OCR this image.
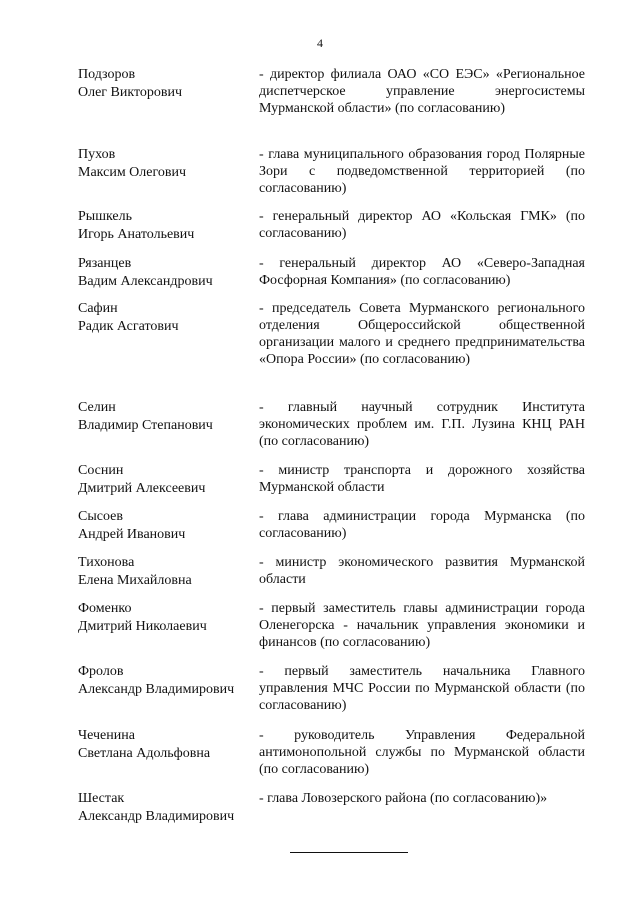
4
Подзоров
Олег Викторович
- директор филиала ОАО «СО ЕЭС» «Региональное диспетчерское управление энергосистемы Мурманской области» (по согласованию)
Пухов
Максим Олегович
- глава муниципального образования город Полярные Зори с подведомственной территорией (по согласованию)
Рышкель
Игорь Анатольевич
- генеральный директор АО «Кольская ГМК» (по согласованию)
Рязанцев
Вадим Александрович
- генеральный директор АО «Северо-Западная Фосфорная Компания» (по согласованию)
Сафин
Радик Асгатович
- председатель Совета Мурманского регионального отделения Общероссийской общественной организации малого и среднего предпринимательства «Опора России» (по согласованию)
Селин
Владимир Степанович
- главный научный сотрудник Института экономических проблем им. Г.П. Лузина КНЦ РАН (по согласованию)
Соснин
Дмитрий Алексеевич
- министр транспорта и дорожного хозяйства Мурманской области
Сысоев
Андрей Иванович
- глава администрации города Мурманска (по согласованию)
Тихонова
Елена Михайловна
- министр экономического развития Мурманской области
Фоменко
Дмитрий Николаевич
- первый заместитель главы администрации города Оленегорска - начальник управления экономики и финансов (по согласованию)
Фролов
Александр Владимирович
- первый заместитель начальника Главного управления МЧС России по Мурманской области (по согласованию)
Чеченина
Светлана Адольфовна
- руководитель Управления Федеральной антимонопольной службы по Мурманской области (по согласованию)
Шестак
Александр Владимирович
- глава Ловозерского района (по согласованию)»
